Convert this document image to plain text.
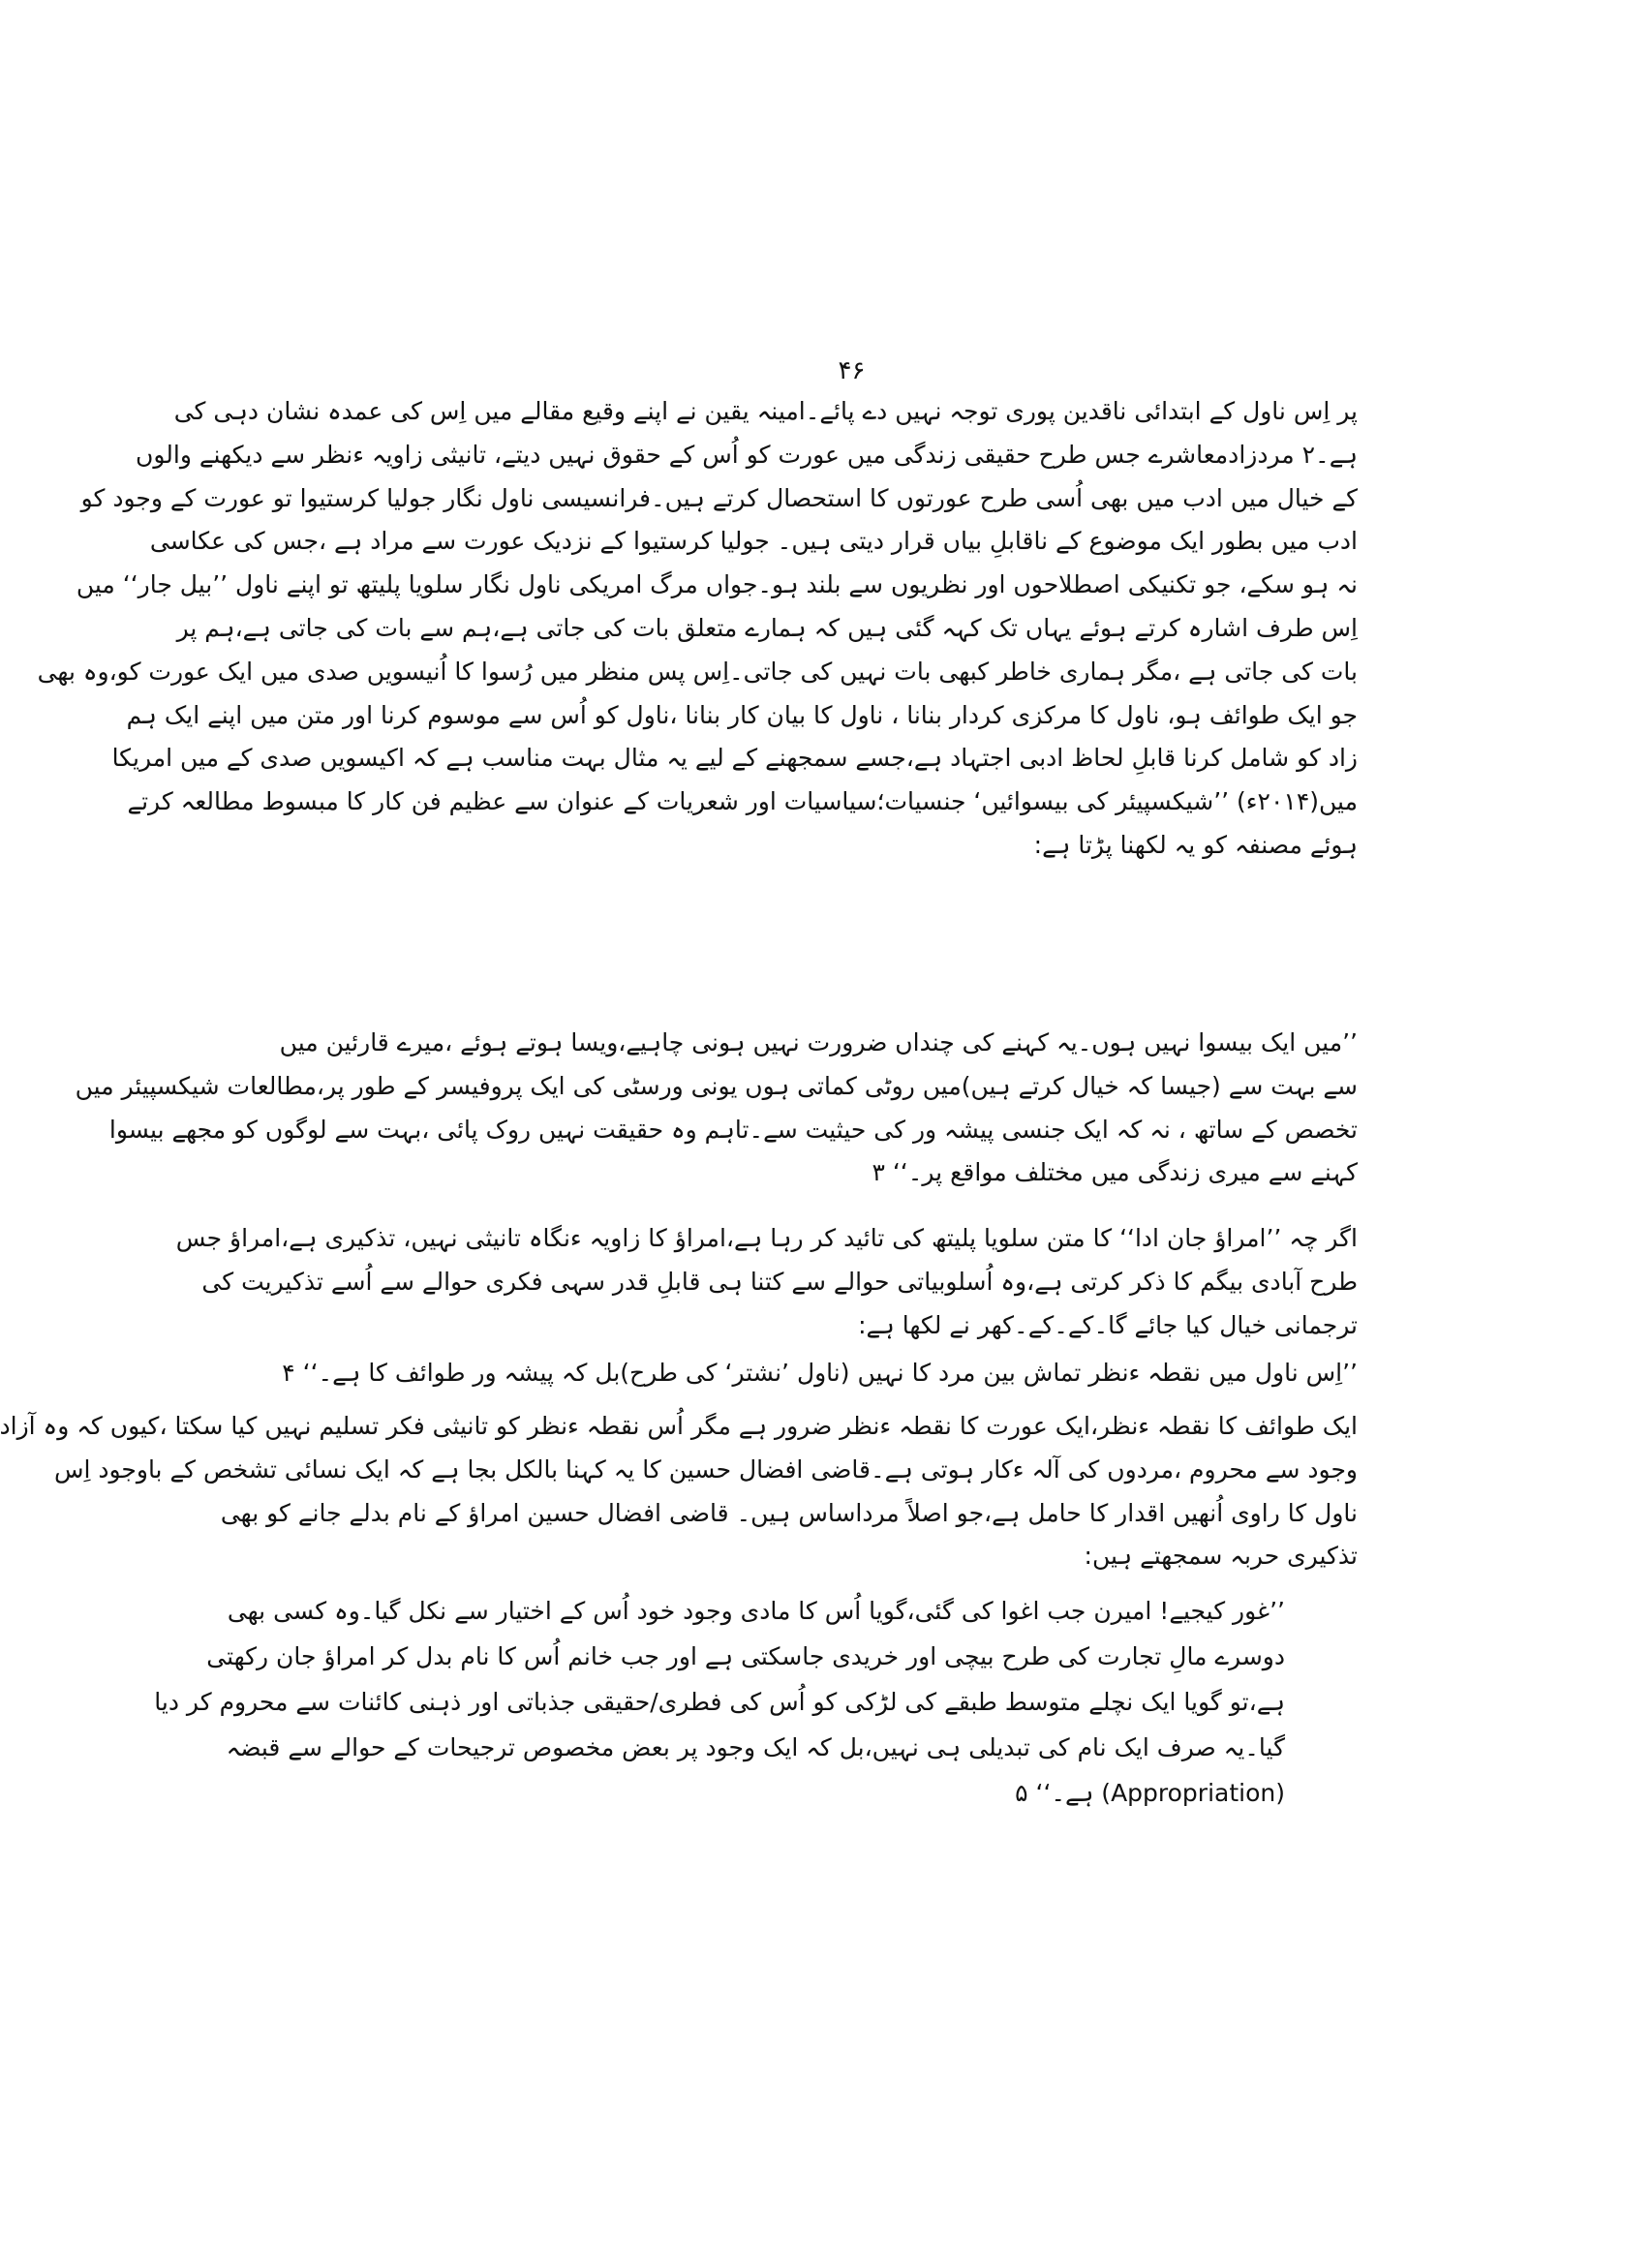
۴۶
پر اِس ناول کے ابتدائی ناقدین پوری توجہ نہیں دے پائے۔امینہ یقین نے اپنے وقیع مقالے میں اِس کی عمدہ نشان دہی کی
ہے۔۲ مردزادمعاشرے جس طرح حقیقی زندگی میں عورت کو اُس کے حقوق نہیں دیتے، تانیثی زاویہ ءنظر سے دیکھنے والوں
کے خیال میں ادب میں بھی اُسی طرح عورتوں کا استحصال کرتے ہیں۔فرانسیسی ناول نگار جولیا کرستیوا تو عورت کے وجود کو
ادب میں بطور ایک موضوع کے ناقابلِ بیاں قرار دیتی ہیں۔ جولیا کرستیوا کے نزدیک عورت سے مراد ہے ،جس کی عکاسی
نہ ہو سکے، جو تکنیکی اصطلاحوں اور نظریوں سے بلند ہو۔جواں مرگ امریکی ناول نگار سلویا پلیتھ تو اپنے ناول ’’بیل جار‘‘ میں
اِس طرف اشارہ کرتے ہوئے یہاں تک کہہ گئی ہیں کہ ہمارے متعلق بات کی جاتی ہے،ہم سے بات کی جاتی ہے،ہم پر
بات کی جاتی ہے ،مگر ہماری خاطر کبھی بات نہیں کی جاتی۔اِس پس منظر میں رُسوا کا اُنیسویں صدی میں ایک عورت کو،وہ بھی
جو ایک طوائف ہو، ناول کا مرکزی کردار بنانا ، ناول کا بیان کار بنانا ،ناول کو اُس سے موسوم کرنا اور متن میں اپنے ایک ہم
زاد کو شامل کرنا قابلِ لحاظ ادبی اجتہاد ہے،جسے سمجھنے کے لیے یہ مثال بہت مناسب ہے کہ اکیسویں صدی کے میں امریکا
میں(۲۰۱۴ء) ’’شیکسپیئر کی بیسوائیں‘ جنسیات؛سیاسیات اور شعریات کے عنوان سے عظیم فن کار کا مبسوط مطالعہ کرتے
ہوئے مصنفہ کو یہ لکھنا پڑتا ہے:
’’میں ایک بیسوا نہیں ہوں۔یہ کہنے کی چنداں ضرورت نہیں ہونی چاہیے،ویسا ہوتے ہوئے ،میرے قارئین میں
سے بہت سے (جیسا کہ خیال کرتے ہیں)میں روٹی کماتی ہوں یونی ورسٹی کی ایک پروفیسر کے طور پر،مطالعات شیکسپیئر میں
تخصص کے ساتھ ، نہ کہ ایک جنسی پیشہ ور کی حیثیت سے۔تاہم وہ حقیقت نہیں روک پائی ،بہت سے لوگوں کو مجھے بیسوا
کہنے سے میری زندگی میں مختلف مواقع پر۔‘‘ ۳
اگر چہ ’’امراؤ جان ادا‘‘ کا متن سلویا پلیتھ کی تائید کر رہا ہے،امراؤ کا زاویہ ءنگاہ تانیثی نہیں، تذکیری ہے،امراؤ جس
طرح آبادی بیگم کا ذکر کرتی ہے،وہ اُسلوبیاتی حوالے سے کتنا ہی قابلِ قدر سہی فکری حوالے سے اُسے تذکیریت کی
ترجمانی خیال کیا جائے گا۔کے۔کے۔کھر نے لکھا ہے:
’’اِس ناول میں نقطہ ءنظر تماش بین مرد کا نہیں (ناول ’نشتر‘ کی طرح)بل کہ پیشہ ور طوائف کا ہے۔‘‘ ۴
ایک طوائف کا نقطہ ءنظر،ایک عورت کا نقطہ ءنظر ضرور ہے مگر اُس نقطہ ءنظر کو تانیثی فکر تسلیم نہیں کیا سکتا ،کیوں کہ وہ آزاد
وجود سے محروم ،مردوں کی آلہ ءکار ہوتی ہے۔قاضی افضال حسین کا یہ کہنا بالکل بجا ہے کہ ایک نسائی تشخص کے باوجود اِس
ناول کا راوی اُنھیں اقدار کا حامل ہے،جو اصلاً مرداساس ہیں۔ قاضی افضال حسین امراؤ کے نام بدلے جانے کو بھی
تذکیری حربہ سمجھتے ہیں:
’’غور کیجیے! امیرن جب اغوا کی گئی،گویا اُس کا مادی وجود خود اُس کے اختیار سے نکل گیا۔وہ کسی بھی
دوسرے مالِ تجارت کی طرح بیچی اور خریدی جاسکتی ہے اور جب خانم اُس کا نام بدل کر امراؤ جان رکھتی
ہے،تو گویا ایک نچلے متوسط طبقے کی لڑکی کو اُس کی فطری/حقیقی جذباتی اور ذہنی کائنات سے محروم کر دیا
گیا۔یہ صرف ایک نام کی تبدیلی ہی نہیں،بل کہ ایک وجود پر بعض مخصوص ترجیحات کے حوالے سے قبضہ
(Appropriation) ہے۔‘‘ ۵
